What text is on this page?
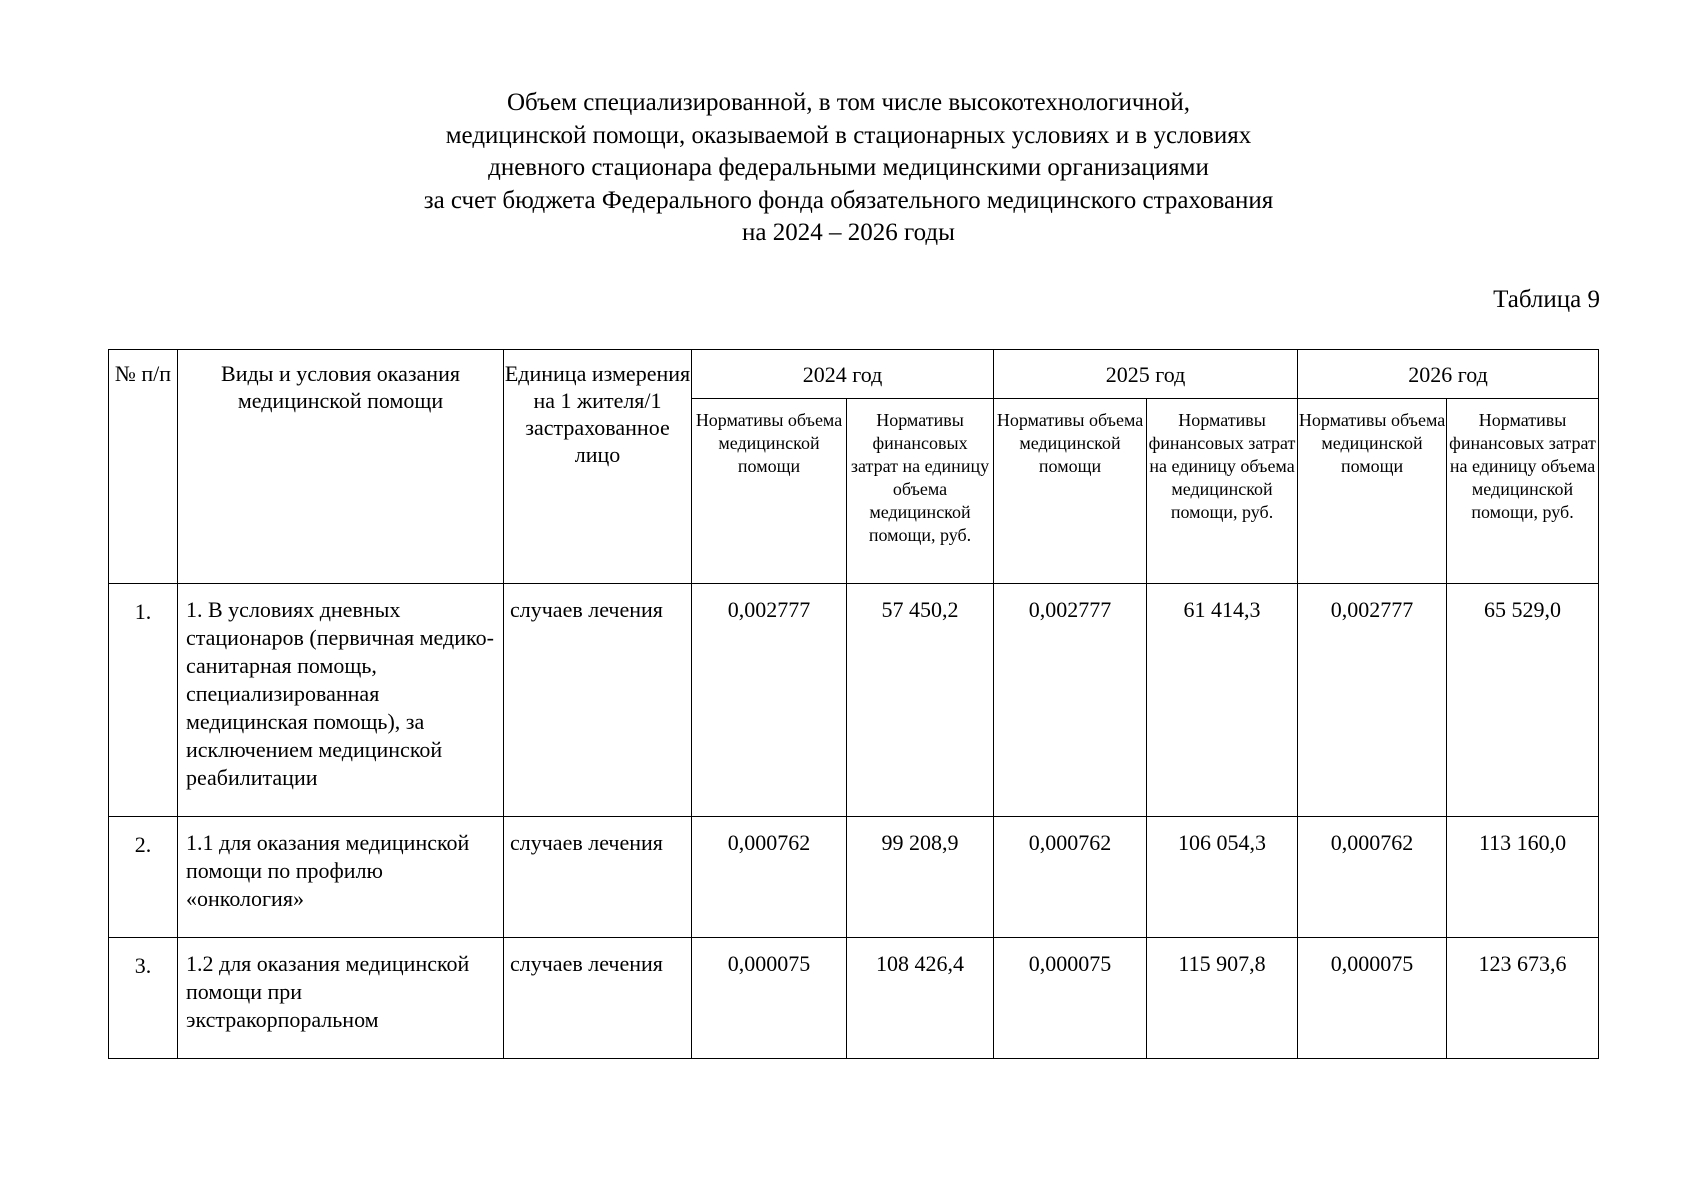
Объем специализированной, в том числе высокотехнологичной,
медицинской помощи, оказываемой в стационарных условиях и в условиях
дневного стационара федеральными медицинскими организациями
за счет бюджета Федерального фонда обязательного медицинского страхования
на 2024 – 2026 годы
Таблица 9
№ п/п	Виды и условия оказания медицинской помощи	Единица измерения на 1 жителя/1 застрахованное лицо	2024 год		2025 год		2026 год	
			Нормативы объема медицинской помощи	Нормативы финансовых затрат на единицу объема медицинской помощи, руб.	Нормативы объема медицинской помощи	Нормативы финансовых затрат на единицу объема медицинской помощи, руб.	Нормативы объема медицинской помощи	Нормативы финансовых затрат на единицу объема медицинской помощи, руб.
1.	1. В условиях дневных стационаров (первичная медико-санитарная помощь, специализированная медицинская помощь), за исключением медицинской реабилитации	случаев лечения	0,002777	57 450,2	0,002777	61 414,3	0,002777	65 529,0
2.	1.1 для оказания медицинской помощи по профилю «онкология»	случаев лечения	0,000762	99 208,9	0,000762	106 054,3	0,000762	113 160,0
3.	1.2 для оказания медицинской помощи при экстракорпоральном	случаев лечения	0,000075	108 426,4	0,000075	115 907,8	0,000075	123 673,6
